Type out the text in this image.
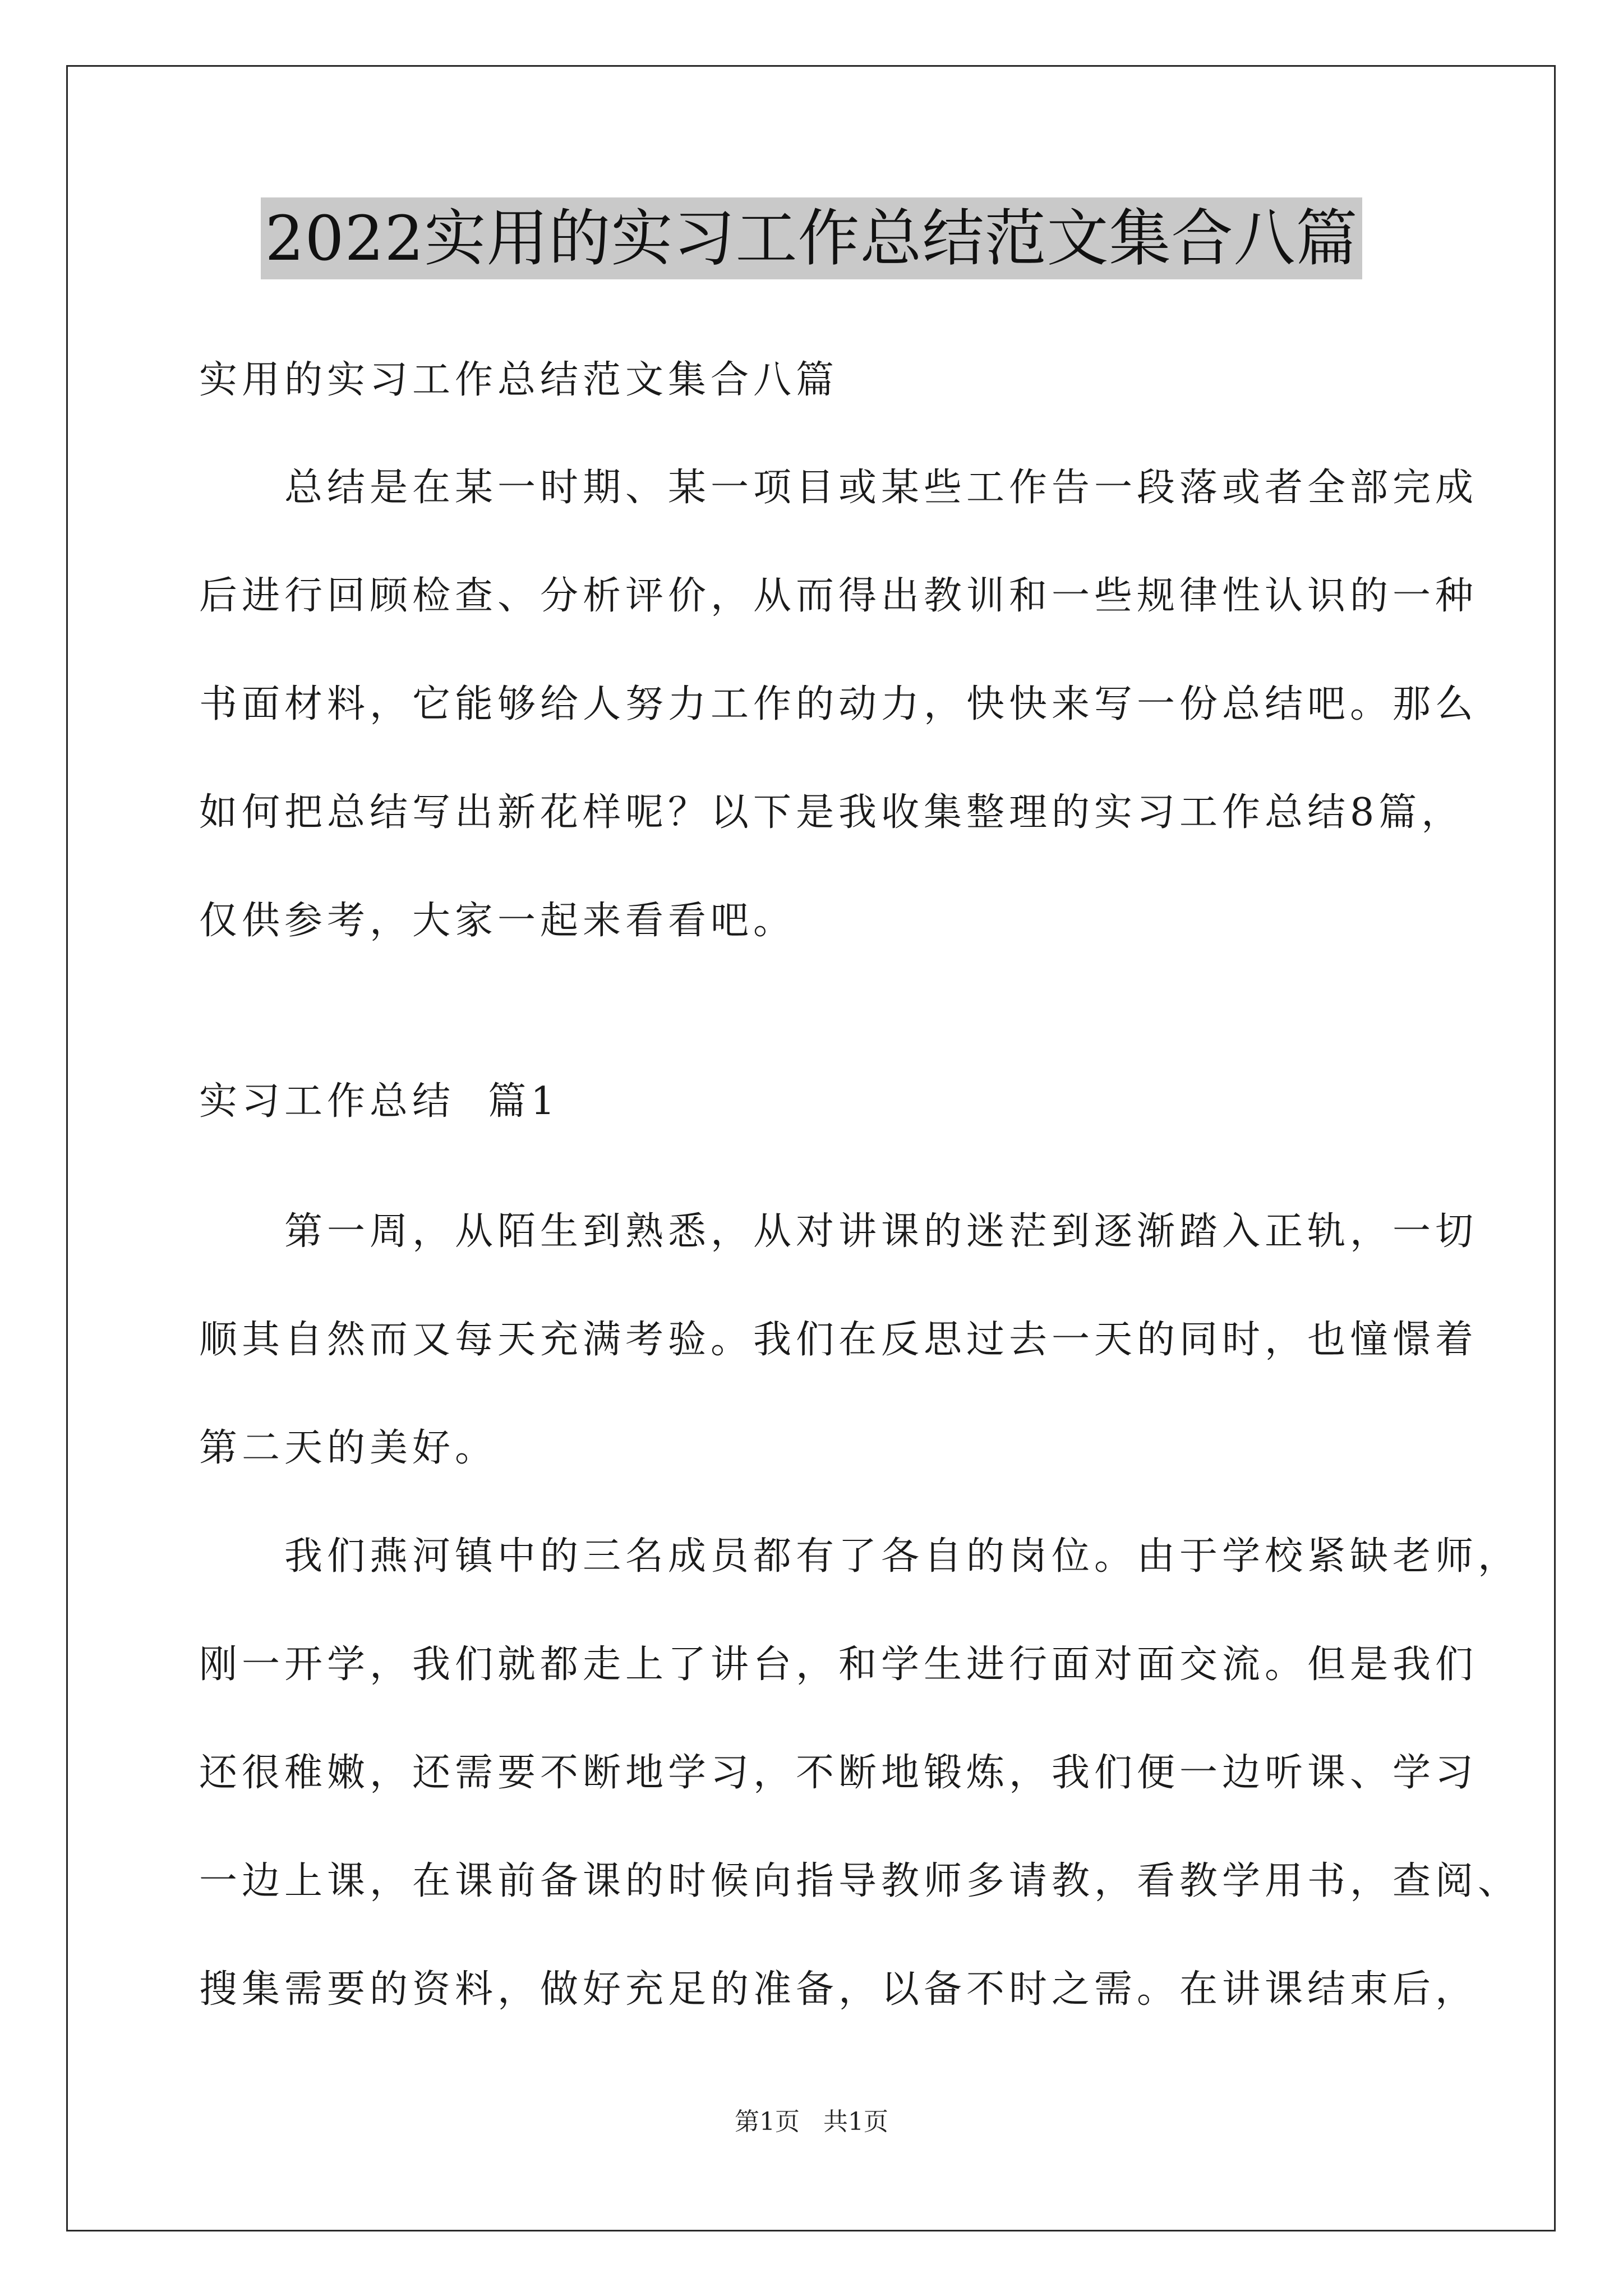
2022实用的实习工作总结范文集合八篇
实用的实习工作总结范文集合八篇
　　总结是在某一时期、某一项目或某些工作告一段落或者全部完成
后进行回顾检查、分析评价，从而得出教训和一些规律性认识的一种
书面材料，它能够给人努力工作的动力，快快来写一份总结吧。那么
如何把总结写出新花样呢？以下是我收集整理的实习工作总结8篇，
仅供参考，大家一起来看看吧。
实习工作总结  篇1
　　第一周，从陌生到熟悉，从对讲课的迷茫到逐渐踏入正轨，一切
顺其自然而又每天充满考验。我们在反思过去一天的同时，也憧憬着
第二天的美好。
　　我们燕河镇中的三名成员都有了各自的岗位。由于学校紧缺老师，
刚一开学，我们就都走上了讲台，和学生进行面对面交流。但是我们
还很稚嫩，还需要不断地学习，不断地锻炼，我们便一边听课、学习
一边上课，在课前备课的时候向指导教师多请教，看教学用书，查阅、
搜集需要的资料，做好充足的准备，以备不时之需。在讲课结束后，
第1页   共1页
